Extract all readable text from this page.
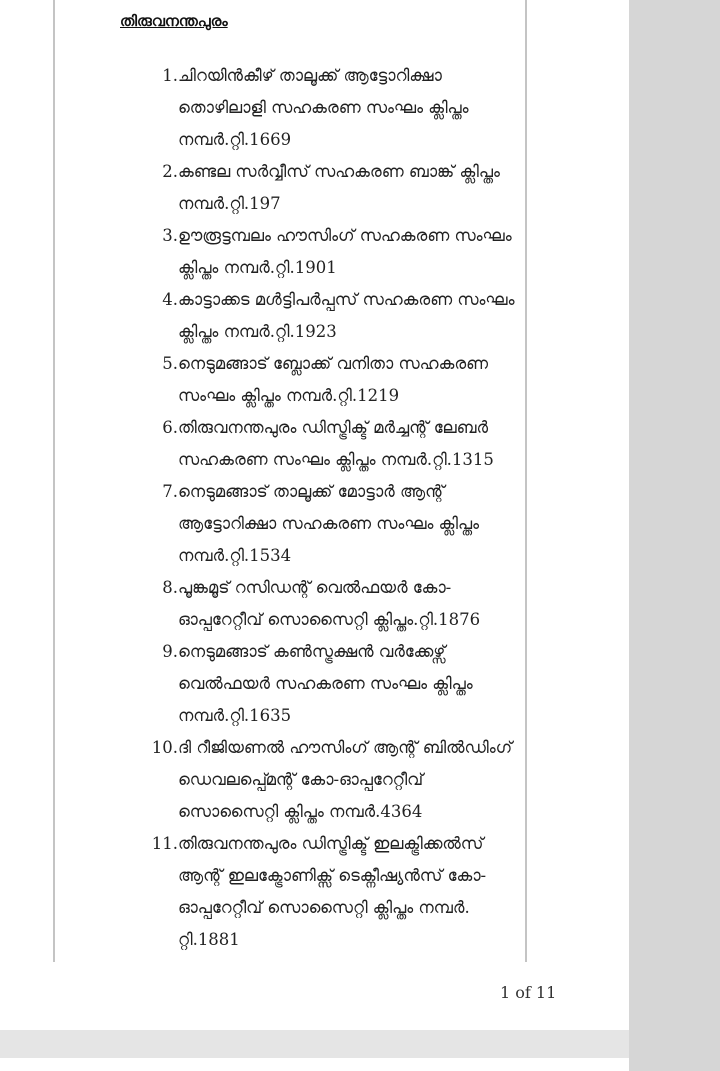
തിരുവനന്തപുരം
1. ചിറയിൻകീഴ് താലൂക്ക് ആട്ടോറിക്ഷാ തൊഴിലാളി സഹകരണ സംഘം ക്ലിപ്തം നമ്പർ.റ്റി.1669
2. കണ്ടല സർവ്വീസ് സഹകരണ ബാങ്ക് ക്ലിപ്തം നമ്പർ.റ്റി.197
3. ഊരൂട്ടമ്പലം ഹൗസിംഗ് സഹകരണ സംഘം ക്ലിപ്തം നമ്പർ.റ്റി.1901
4. കാട്ടാക്കട മൾട്ടിപർപ്പസ് സഹകരണ സംഘം ക്ലിപ്തം നമ്പർ.റ്റി.1923
5. നെടുമങ്ങാട് ബ്ലോക്ക് വനിതാ സഹകരണ സംഘം ക്ലിപ്തം നമ്പർ.റ്റി.1219
6. തിരുവനന്തപുരം ഡിസ്ട്രിക്ട് മർച്ചന്റ് ലേബർ സഹകരണ സംഘം ക്ലിപ്തം നമ്പർ.റ്റി.1315
7. നെടുമങ്ങാട് താലൂക്ക് മോട്ടാർ ആന്റ് ആട്ടോറിക്ഷാ സഹകരണ സംഘം ക്ലിപ്തം നമ്പർ.റ്റി.1534
8. പൂങ്കമൂട് റസിഡന്റ് വെൽഫയർ കോ-ഓപ്പറേറ്റീവ് സൊസൈറ്റി ക്ലിപ്തം.റ്റി.1876
9. നെടുമങ്ങാട് കൺസ്ട്രക്ഷൻ വർക്കേഴ്സ് വെൽഫയർ സഹകരണ സംഘം ക്ലിപ്തം നമ്പർ.റ്റി.1635
10. ദി റീജിയണൽ ഹൗസിംഗ് ആന്റ് ബിൽഡിംഗ് ഡെവലപ്പ്മെന്റ് കോ-ഓപ്പറേറ്റീവ് സൊസൈറ്റി ക്ലിപ്തം നമ്പർ.4364
11. തിരുവനന്തപുരം ഡിസ്ട്രിക്ട് ഇലക്ട്രിക്കൽസ് ആന്റ് ഇലക്ട്രോണിക്സ് ടെക്നീഷ്യൻസ് കോ-ഓപ്പറേറ്റീവ് സൊസൈറ്റി ക്ലിപ്തം നമ്പർ. റ്റി.1881
1 of 11
